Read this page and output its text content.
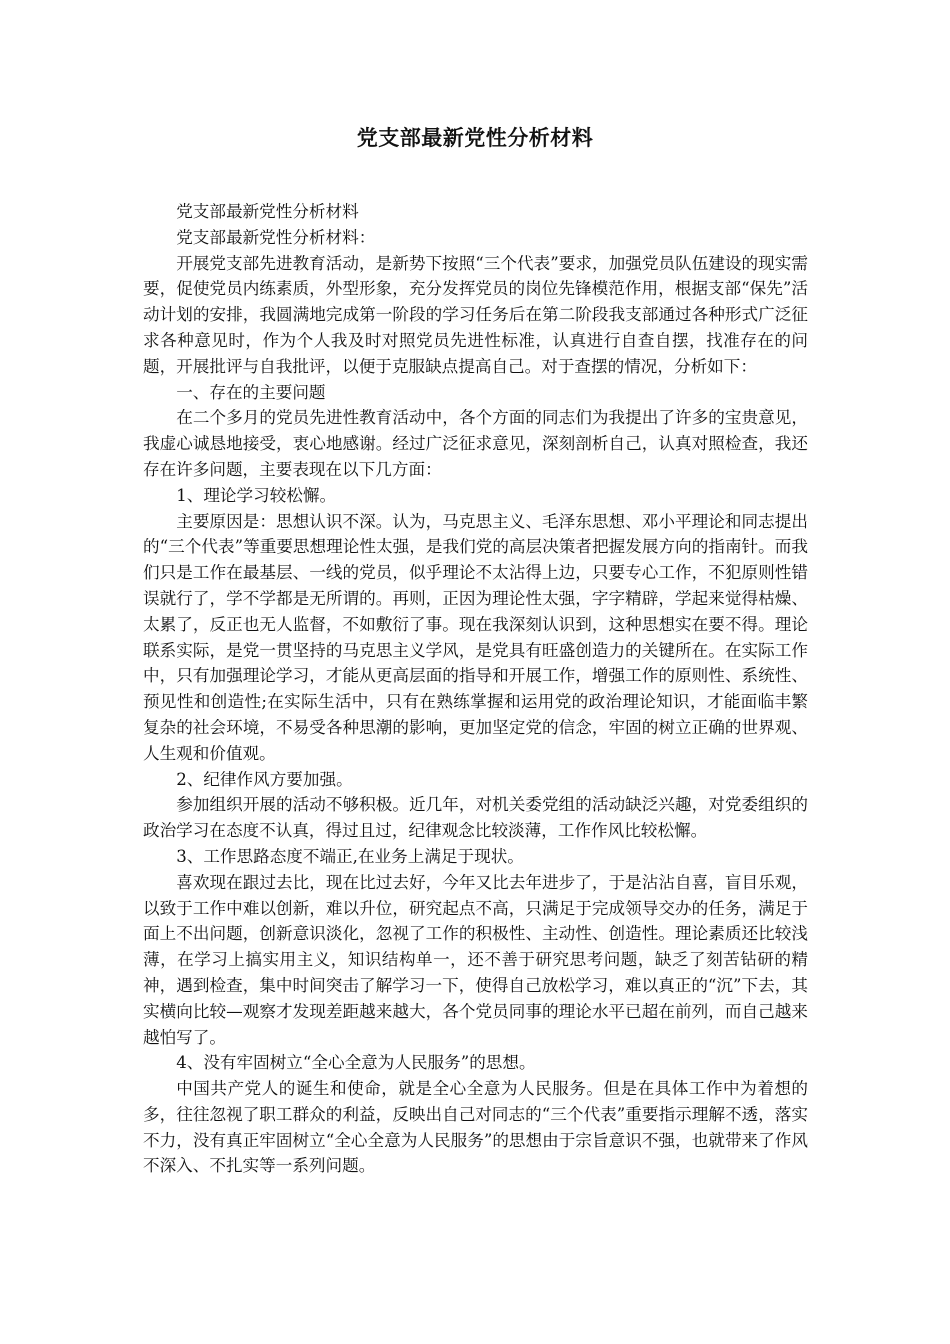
党支部最新党性分析材料

党支部最新党性分析材料

党支部最新党性分析材料：

开展党支部先进教育活动，是新势下按照“三个代表”要求，加强党员队伍建设的现实需要，促使党员内练素质，外型形象，充分发挥党员的岗位先锋模范作用，根据支部“保先”活动计划的安排，我圆满地完成第一阶段的学习任务后在第二阶段我支部通过各种形式广泛征求各种意见时，作为个人我及时对照党员先进性标准，认真进行自查自摆，找准存在的问题，开展批评与自我批评，以便于克服缺点提高自己。对于查摆的情况，分析如下：

一、存在的主要问题

在二个多月的党员先进性教育活动中，各个方面的同志们为我提出了许多的宝贵意见，我虚心诚恳地接受，衷心地感谢。经过广泛征求意见，深刻剖析自己，认真对照检查，我还存在许多问题，主要表现在以下几方面：

1、理论学习较松懈。

主要原因是：思想认识不深。认为，马克思主义、毛泽东思想、邓小平理论和同志提出的“三个代表”等重要思想理论性太强，是我们党的高层决策者把握发展方向的指南针。而我们只是工作在最基层、一线的党员，似乎理论不太沾得上边，只要专心工作，不犯原则性错误就行了，学不学都是无所谓的。再则，正因为理论性太强，字字精辟，学起来觉得枯燥、太累了，反正也无人监督，不如敷衍了事。现在我深刻认识到，这种思想实在要不得。理论联系实际，是党一贯坚持的马克思主义学风，是党具有旺盛创造力的关键所在。在实际工作中，只有加强理论学习，才能从更高层面的指导和开展工作，增强工作的原则性、系统性、预见性和创造性;在实际生活中，只有在熟练掌握和运用党的政治理论知识，才能面临丰繁复杂的社会环境，不易受各种思潮的影响，更加坚定党的信念，牢固的树立正确的世界观、人生观和价值观。

2、纪律作风方要加强。

参加组织开展的活动不够积极。近几年，对机关委党组的活动缺泛兴趣，对党委组织的政治学习在态度不认真，得过且过，纪律观念比较淡薄，工作作风比较松懈。

3、工作思路态度不端正,在业务上满足于现状。

喜欢现在跟过去比，现在比过去好，今年又比去年进步了，于是沾沾自喜，盲目乐观，以致于工作中难以创新，难以升位，研究起点不高，只满足于完成领导交办的任务，满足于面上不出问题，创新意识淡化，忽视了工作的积极性、主动性、创造性。理论素质还比较浅薄，在学习上搞实用主义，知识结构单一，还不善于研究思考问题，缺乏了刻苦钻研的精神，遇到检查，集中时间突击了解学习一下，使得自己放松学习，难以真正的“沉”下去，其实横向比较—观察才发现差距越来越大，各个党员同事的理论水平已超在前列，而自己越来越怕写了。

4、没有牢固树立“全心全意为人民服务”的思想。

中国共产党人的诞生和使命，就是全心全意为人民服务。但是在具体工作中为着想的多，往往忽视了职工群众的利益，反映出自己对同志的“三个代表”重要指示理解不透，落实不力，没有真正牢固树立“全心全意为人民服务”的思想由于宗旨意识不强，也就带来了作风不深入、不扎实等一系列问题。
